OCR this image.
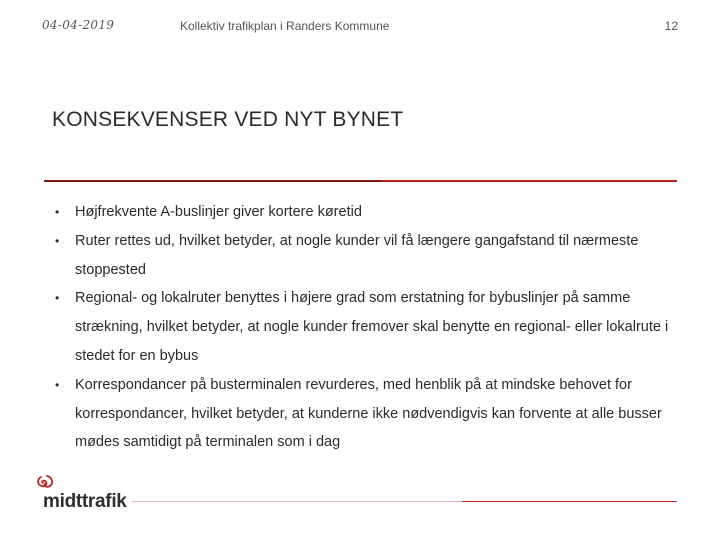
04-04-2019	Kollektiv trafikplan i Randers Kommune	12
KONSEKVENSER VED NYT BYNET
• Højfrekvente A-buslinjer giver kortere køretid
• Ruter rettes ud, hvilket betyder, at nogle kunder vil få længere gangafstand til nærmeste stoppested
• Regional- og lokalruter benyttes i højere grad som erstatning for bybuslinjer på samme strækning, hvilket betyder, at nogle kunder fremover skal benytte en regional- eller lokalrute i stedet for en bybus
• Korrespondancer på busterminalen revurderes, med henblik på at mindske behovet for korrespondancer, hvilket betyder, at kunderne ikke nødvendigvis kan forvente at alle busser mødes samtidigt på terminalen som i dag
midttrafik
